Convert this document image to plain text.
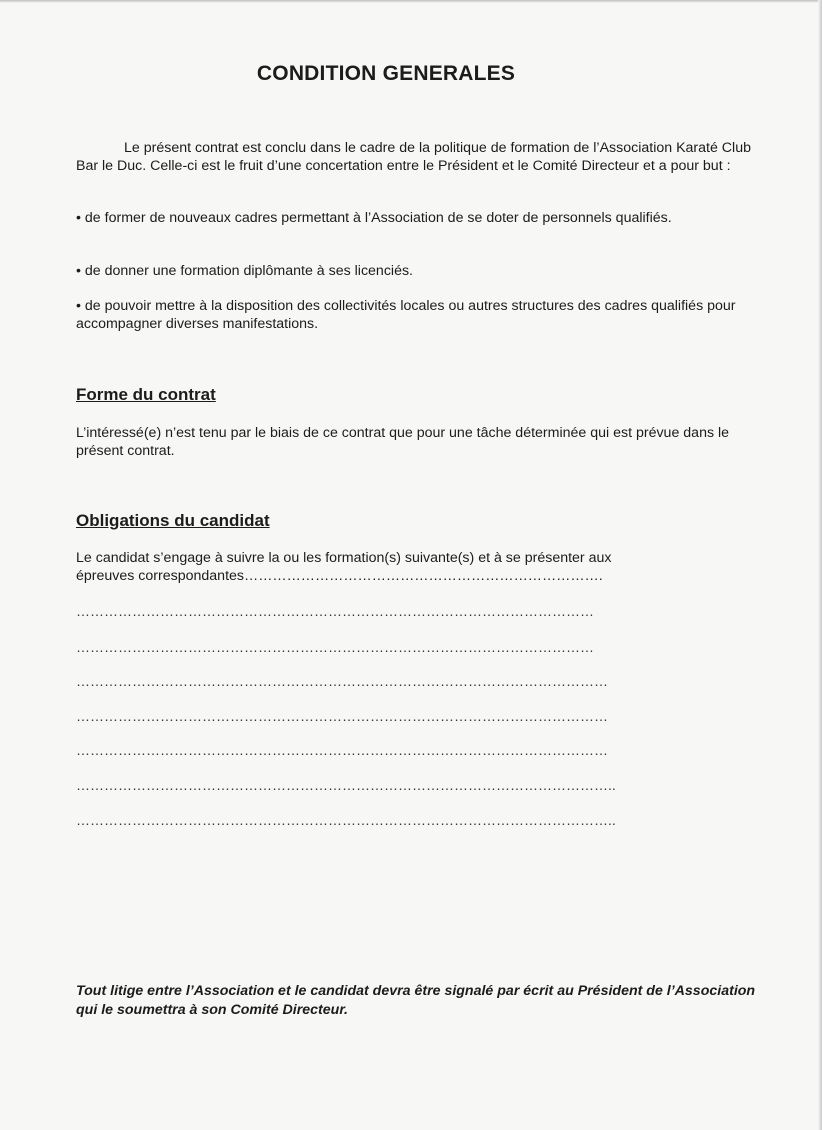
CONDITION GENERALES
Le présent contrat est conclu dans le cadre de la politique de formation de l’Association Karaté Club Bar le Duc. Celle-ci est le fruit d’une concertation entre le Président et le Comité Directeur et a pour but :
• de former de nouveaux cadres permettant à l’Association de se doter de personnels qualifiés.
• de donner une formation diplômante à ses licenciés.
• de pouvoir mettre à la disposition des collectivités locales ou autres structures des cadres qualifiés pour accompagner diverses manifestations.
Forme du contrat
L’intéressé(e) n’est tenu par le biais de ce contrat que pour une tâche déterminée qui est prévue dans le présent contrat.
Obligations du candidat
Le candidat s’engage à suivre la ou les formation(s) suivante(s) et à se présenter aux
épreuves correspondantes………………………………………………………………….
…………………………………………………………………………………………………
…………………………………………………………………………………………………
……………………………………………………………………………………………………
……………………………………………………………………………………………………
……………………………………………………………………………………………………
……………………………………………………………………………………………………..
……………………………………………………………………………………………………..
Tout litige entre l’Association et le candidat devra être signalé par écrit au Président de l’Association qui le soumettra à son Comité Directeur.
